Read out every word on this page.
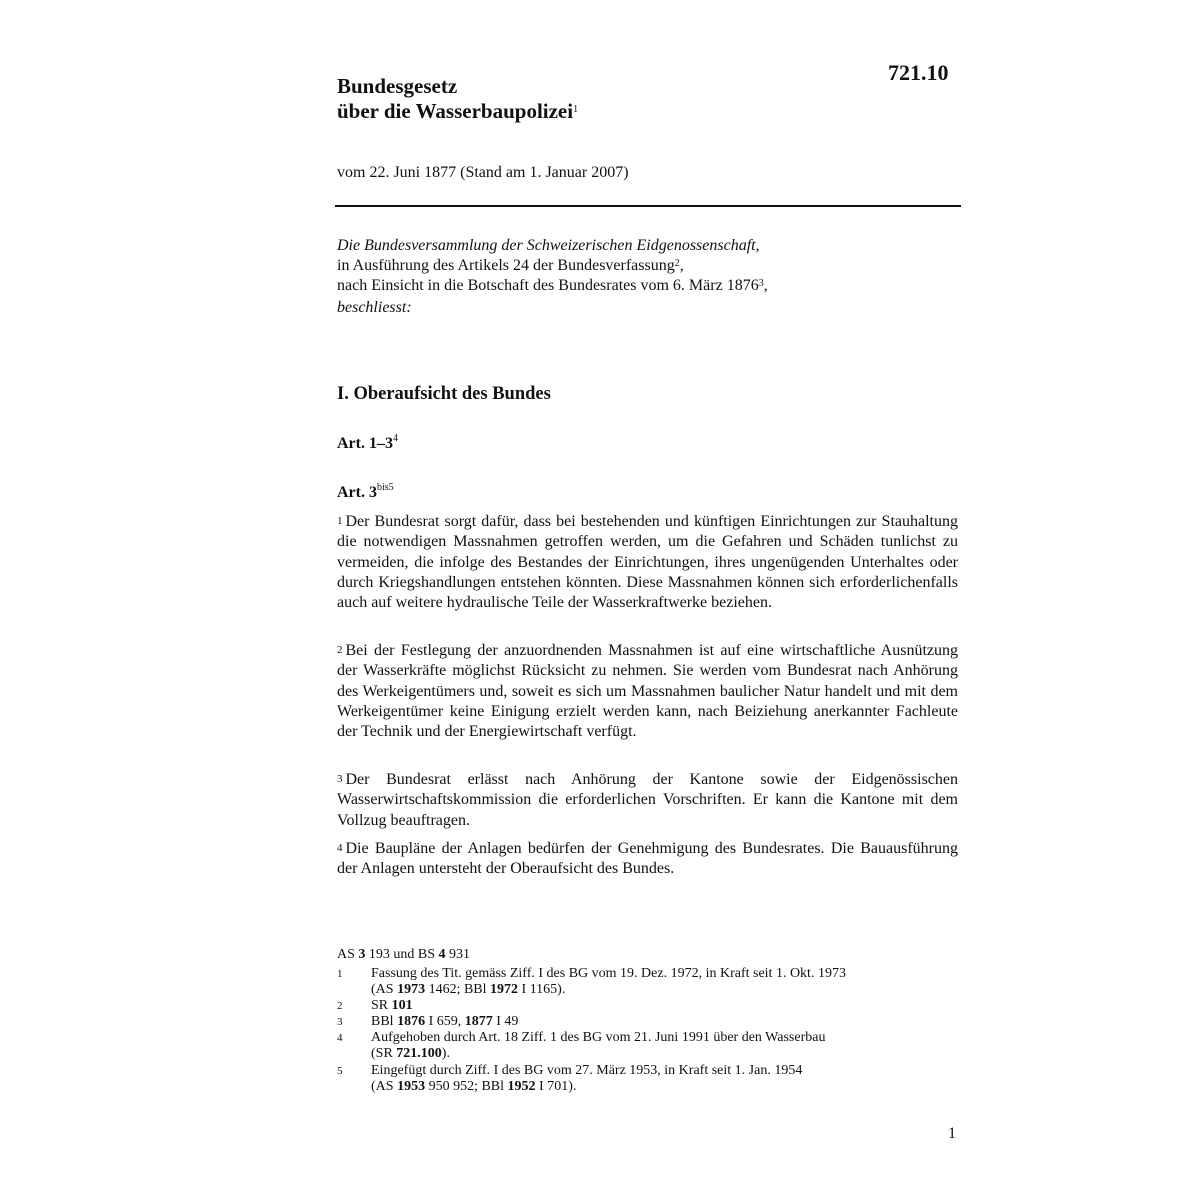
721.10
Bundesgesetz
über die Wasserbaupolizei$^1$
vom 22. Juni 1877 (Stand am 1. Januar 2007)
Die Bundesversammlung der Schweizerischen Eidgenossenschaft,
in Ausführung des Artikels 24 der Bundesverfassung$^2$,
nach Einsicht in die Botschaft des Bundesrates vom 6. März 1876$^3$,
beschliesst:
I. Oberaufsicht des Bundes
Art. $1-3^4$
Art. $3^{bis5}$

$^1$ Der Bundesrat sorgt dafür, dass bei bestehenden und künftigen Einrichtungen zur Stauhaltung die notwendigen Massnahmen getroffen werden, um die Gefahren und Schäden tunlichst zu vermeiden, die infolge des Bestandes der Einrichtungen, ihres ungenügenden Unterhaltes oder durch Kriegshandlungen entstehen könnten. Diese Massnahmen können sich erforderlichenfalls auch auf weitere hydraulische Teile der Wasserkraftwerke beziehen.

$^2$ Bei der Festlegung der anzuordnenden Massnahmen ist auf eine wirtschaftliche Ausnützung der Wasserkräfte möglichst Rücksicht zu nehmen. Sie werden vom Bundesrat nach Anhörung des Werkeigentümers und, soweit es sich um Massnahmen baulicher Natur handelt und mit dem Werkeigentümer keine Einigung erzielt werden kann, nach Beiziehung anerkannter Fachleute der Technik und der Energiewirtschaft verfügt.

$^3$ Der Bundesrat erlässt nach Anhörung der Kantone sowie der Eidgenössischen Wasserwirtschaftskommission die erforderlichen Vorschriften. Er kann die Kantone mit dem Vollzug beauftragen.

$^4$ Die Baupläne der Anlagen bedürfen der Genehmigung des Bundesrates. Die Bauausführung der Anlagen untersteht der Oberaufsicht des Bundes.

AS 3 193 und BS 4 931
1 Fassung des Tit. gemäss Ziff. I des BG vom 19. Dez. 1972, in Kraft seit 1. Okt. 1973
(AS 1973 1462; BBl 1972 I 1165).
2 SR 101
3 BBl 1876 I 659, 1877 I 49
4 Aufgehoben durch Art. 18 Ziff. 1 des BG vom 21. Juni 1991 über den Wasserbau
(SR 721.100).
5 Eingefügt durch Ziff. I des BG vom 27. März 1953, in Kraft seit 1. Jan. 1954
(AS 1953 950 952; BBl 1952 I 701).
1
